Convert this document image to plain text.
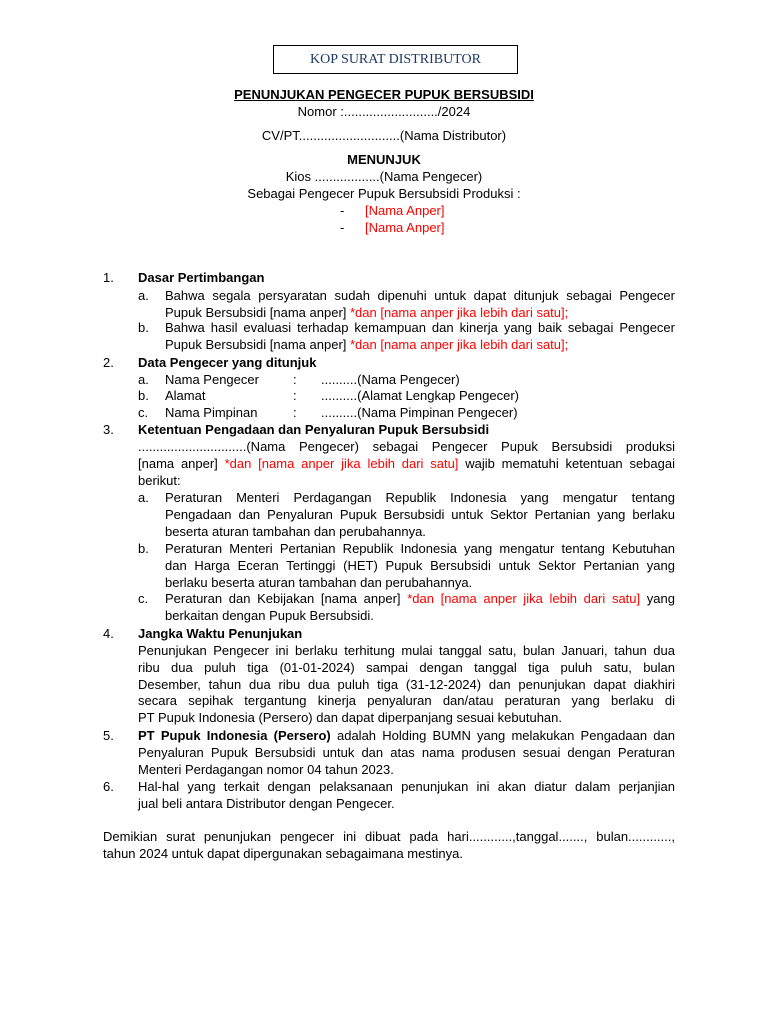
KOP SURAT DISTRIBUTOR
PENUNJUKAN PENGECER PUPUK BERSUBSIDI
Nomor :........................../2024
CV/PT............................(Nama Distributor)
MENUNJUK
Kios ..................(Nama Pengecer)
Sebagai Pengecer Pupuk Bersubsidi Produksi :
- [Nama Anper]
- [Nama Anper]
1. Dasar Pertimbangan
a. Bahwa segala persyaratan sudah dipenuhi untuk dapat ditunjuk sebagai Pengecer
Pupuk Bersubsidi [nama anper] *dan [nama anper jika lebih dari satu];
b. Bahwa hasil evaluasi terhadap kemampuan dan kinerja yang baik sebagai Pengecer
Pupuk Bersubsidi [nama anper] *dan [nama anper jika lebih dari satu];
2. Data Pengecer yang ditunjuk
a. Nama Pengecer	: ..........(Nama Pengecer)
b. Alamat	: ..........(Alamat Lengkap Pengecer)
c. Nama Pimpinan	: ..........(Nama Pimpinan Pengecer)
3. Ketentuan Pengadaan dan Penyaluran Pupuk Bersubsidi
..............................(Nama Pengecer) sebagai Pengecer Pupuk Bersubsidi produksi
[nama anper] *dan [nama anper jika lebih dari satu] wajib mematuhi ketentuan sebagai
berikut:
a. Peraturan Menteri Perdagangan Republik Indonesia yang mengatur tentang
Pengadaan dan Penyaluran Pupuk Bersubsidi untuk Sektor Pertanian yang berlaku
beserta aturan tambahan dan perubahannya.
b. Peraturan Menteri Pertanian Republik Indonesia yang mengatur tentang Kebutuhan
dan Harga Eceran Tertinggi (HET) Pupuk Bersubsidi untuk Sektor Pertanian yang
berlaku beserta aturan tambahan dan perubahannya.
c. Peraturan dan Kebijakan [nama anper] *dan [nama anper jika lebih dari satu] yang
berkaitan dengan Pupuk Bersubsidi.
4. Jangka Waktu Penunjukan
Penunjukan Pengecer ini berlaku terhitung mulai tanggal satu, bulan Januari, tahun dua
ribu dua puluh tiga (01-01-2024) sampai dengan tanggal tiga puluh satu, bulan
Desember, tahun dua ribu dua puluh tiga (31-12-2024) dan penunjukan dapat diakhiri
secara sepihak tergantung kinerja penyaluran dan/atau peraturan yang berlaku di
PT Pupuk Indonesia (Persero) dan dapat diperpanjang sesuai kebutuhan.
5. PT Pupuk Indonesia (Persero) adalah Holding BUMN yang melakukan Pengadaan dan
Penyaluran Pupuk Bersubsidi untuk dan atas nama produsen sesuai dengan Peraturan
Menteri Perdagangan nomor 04 tahun 2023.
6. Hal-hal yang terkait dengan pelaksanaan penunjukan ini akan diatur dalam perjanjian
jual beli antara Distributor dengan Pengecer.
Demikian surat penunjukan pengecer ini dibuat pada hari............,tanggal......., bulan............,
tahun 2024 untuk dapat dipergunakan sebagaimana mestinya.
